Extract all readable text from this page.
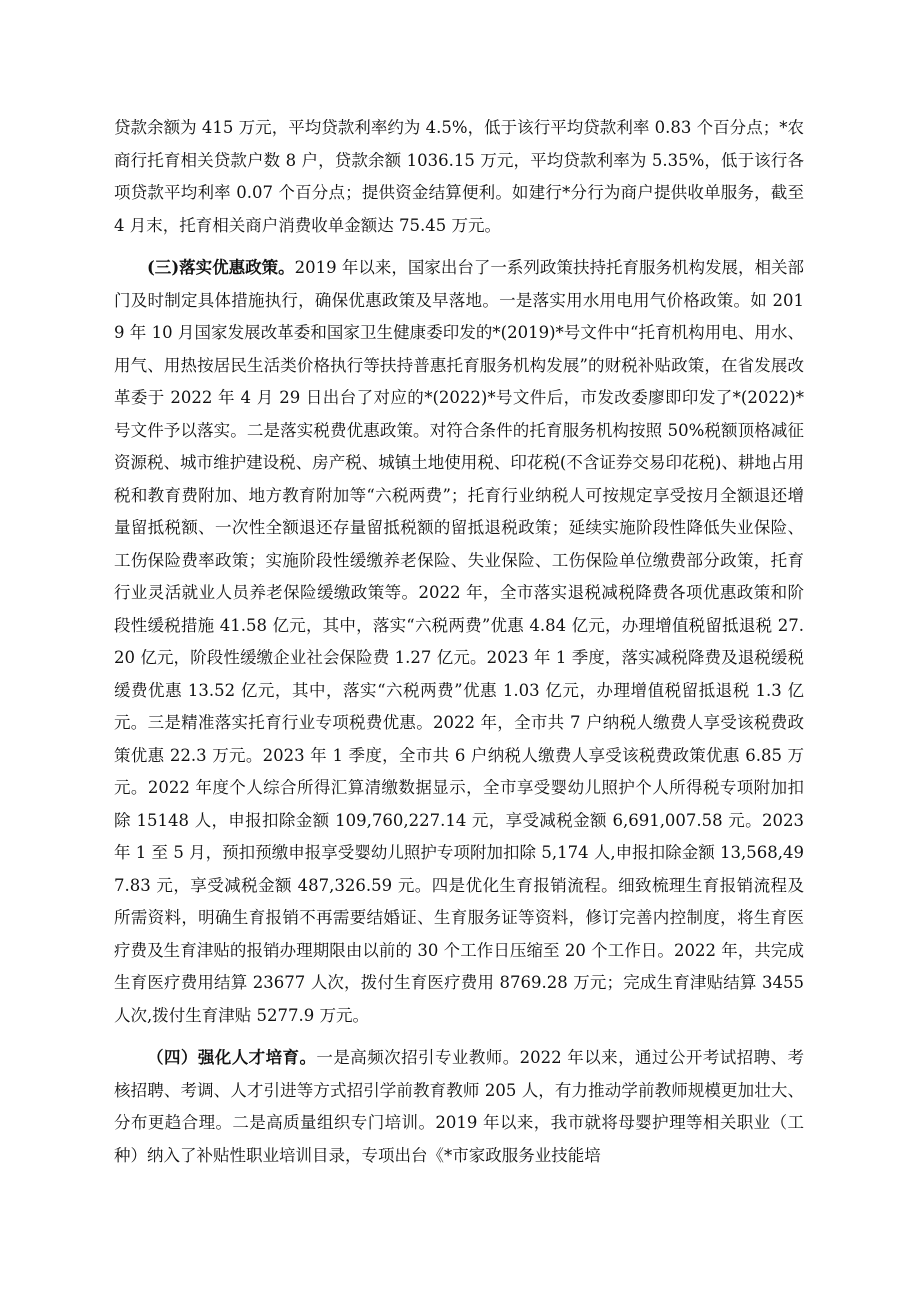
贷款余额为 415 万元，平均贷款利率约为 4.5%，低于该行平均贷款利率 0.83 个百分点；*农商行托育相关贷款户数 8 户，贷款余额 1036.15 万元，平均贷款利率为 5.35%，低于该行各项贷款平均利率 0.07 个百分点；提供资金结算便利。如建行*分行为商户提供收单服务，截至 4 月末，托育相关商户消费收单金额达 75.45 万元。

(三)落实优惠政策。2019 年以来，国家出台了一系列政策扶持托育服务机构发展，相关部门及时制定具体措施执行，确保优惠政策及早落地。一是落实用水用电用气价格政策。如 2019 年 10 月国家发展改革委和国家卫生健康委印发的*(2019)*号文件中“托育机构用电、用水、用气、用热按居民生活类价格执行等扶持普惠托育服务机构发展”的财税补贴政策，在省发展改革委于 2022 年 4 月 29 日出台了对应的*(2022)*号文件后，市发改委廖即印发了*(2022)*号文件予以落实。二是落实税费优惠政策。对符合条件的托育服务机构按照 50%税额顶格减征资源税、城市维护建设税、房产税、城镇土地使用税、印花税(不含证券交易印花税)、耕地占用税和教育费附加、地方教育附加等“六税两费”；托育行业纳税人可按规定享受按月全额退还增量留抵税额、一次性全额退还存量留抵税额的留抵退税政策；延续实施阶段性降低失业保险、工伤保险费率政策；实施阶段性缓缴养老保险、失业保险、工伤保险单位缴费部分政策，托育行业灵活就业人员养老保险缓缴政策等。2022 年，全市落实退税减税降费各项优惠政策和阶段性缓税措施 41.58 亿元，其中，落实“六税两费”优惠 4.84 亿元，办理增值税留抵退税 27.20 亿元，阶段性缓缴企业社会保险费 1.27 亿元。2023 年 1 季度，落实减税降费及退税缓税缓费优惠 13.52 亿元，其中，落实“六税两费”优惠 1.03 亿元，办理增值税留抵退税 1.3 亿元。三是精准落实托育行业专项税费优惠。2022 年，全市共 7 户纳税人缴费人享受该税费政策优惠 22.3 万元。2023 年 1 季度，全市共 6 户纳税人缴费人享受该税费政策优惠 6.85 万元。2022 年度个人综合所得汇算清缴数据显示，全市享受婴幼儿照护个人所得税专项附加扣除 15148 人，申报扣除金额 109,760,227.14 元，享受减税金额 6,691,007.58 元。2023 年 1 至 5 月，预扣预缴申报享受婴幼儿照护专项附加扣除 5,174 人,申报扣除金额 13,568,497.83 元，享受减税金额 487,326.59 元。四是优化生育报销流程。细致梳理生育报销流程及所需资料，明确生育报销不再需要结婚证、生育服务证等资料，修订完善内控制度，将生育医疗费及生育津贴的报销办理期限由以前的 30 个工作日压缩至 20 个工作日。2022 年，共完成生育医疗费用结算 23677 人次，拨付生育医疗费用 8769.28 万元；完成生育津贴结算 3455 人次,拨付生育津贴 5277.9 万元。

（四）强化人才培育。一是高频次招引专业教师。2022 年以来，通过公开考试招聘、考核招聘、考调、人才引进等方式招引学前教育教师 205 人，有力推动学前教师规模更加壮大、分布更趋合理。二是高质量组织专门培训。2019 年以来，我市就将母婴护理等相关职业（工种）纳入了补贴性职业培训目录，专项出台《*市家政服务业技能培
